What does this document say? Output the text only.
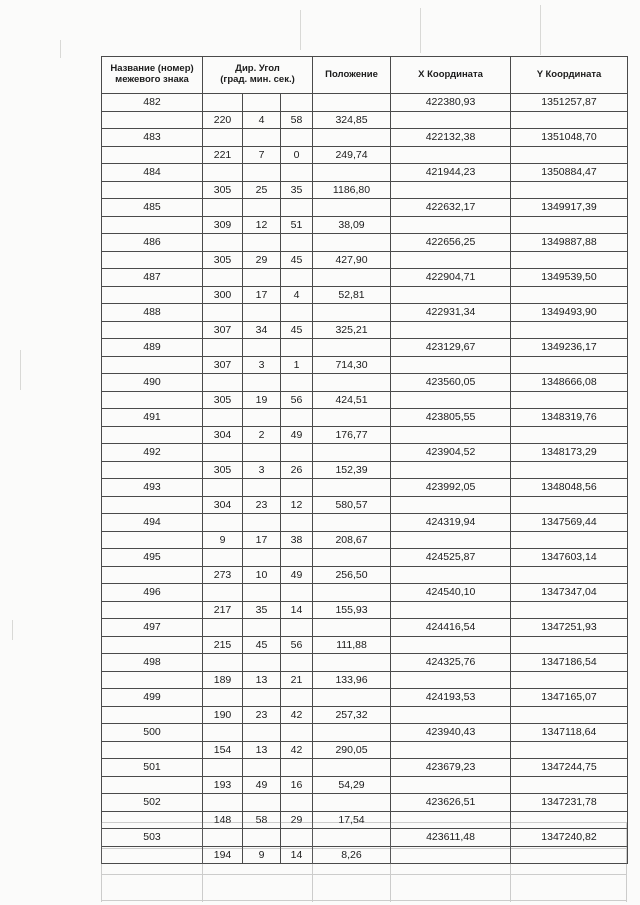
Название (номер) межевого знака	Дир. Угол
(град. мин. сек.)			Положение	X Координата	Y Координата
482					422380,93	1351257,87
	220	4	58	324,85		
483					422132,38	1351048,70
	221	7	0	249,74		
484					421944,23	1350884,47
	305	25	35	1186,80		
485					422632,17	1349917,39
	309	12	51	38,09		
486					422656,25	1349887,88
	305	29	45	427,90		
487					422904,71	1349539,50
	300	17	4	52,81		
488					422931,34	1349493,90
	307	34	45	325,21		
489					423129,67	1349236,17
	307	3	1	714,30		
490					423560,05	1348666,08
	305	19	56	424,51		
491					423805,55	1348319,76
	304	2	49	176,77		
492					423904,52	1348173,29
	305	3	26	152,39		
493					423992,05	1348048,56
	304	23	12	580,57		
494					424319,94	1347569,44
	9	17	38	208,67		
495					424525,87	1347603,14
	273	10	49	256,50		
496					424540,10	1347347,04
	217	35	14	155,93		
497					424416,54	1347251,93
	215	45	56	111,88		
498					424325,76	1347186,54
	189	13	21	133,96		
499					424193,53	1347165,07
	190	23	42	257,32		
500					423940,43	1347118,64
	154	13	42	290,05		
501					423679,23	1347244,75
	193	49	16	54,29		
502					423626,51	1347231,78
	148	58	29	17,54		
503					423611,48	1347240,82
	194	9	14	8,26		
